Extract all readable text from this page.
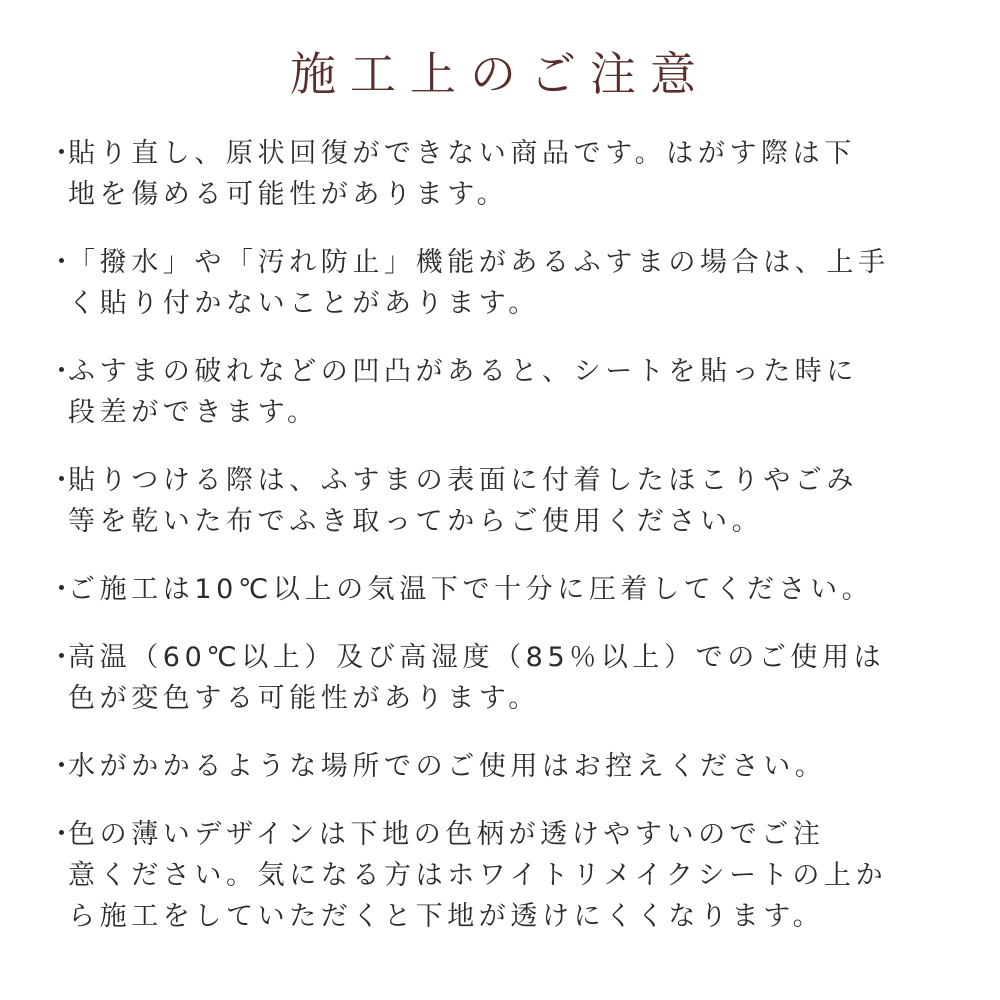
施工上のご注意
・
貼り直し、原状回復ができない商品です。はがす際は下
地を傷める可能性があります。
・
「撥水」や「汚れ防止」機能があるふすまの場合は、上手
く貼り付かないことがあります。
・
ふすまの破れなどの凹凸があると、シートを貼った時に
段差ができます。
・
貼りつける際は、ふすまの表面に付着したほこりやごみ
等を乾いた布でふき取ってからご使用ください。
・
ご施工は10℃以上の気温下で十分に圧着してください。
・
高温（60℃以上）及び高湿度（85％以上）でのご使用は
色が変色する可能性があります。
・
水がかかるような場所でのご使用はお控えください。
・
色の薄いデザインは下地の色柄が透けやすいのでご注
意ください。気になる方はホワイトリメイクシートの上か
ら施工をしていただくと下地が透けにくくなります。
